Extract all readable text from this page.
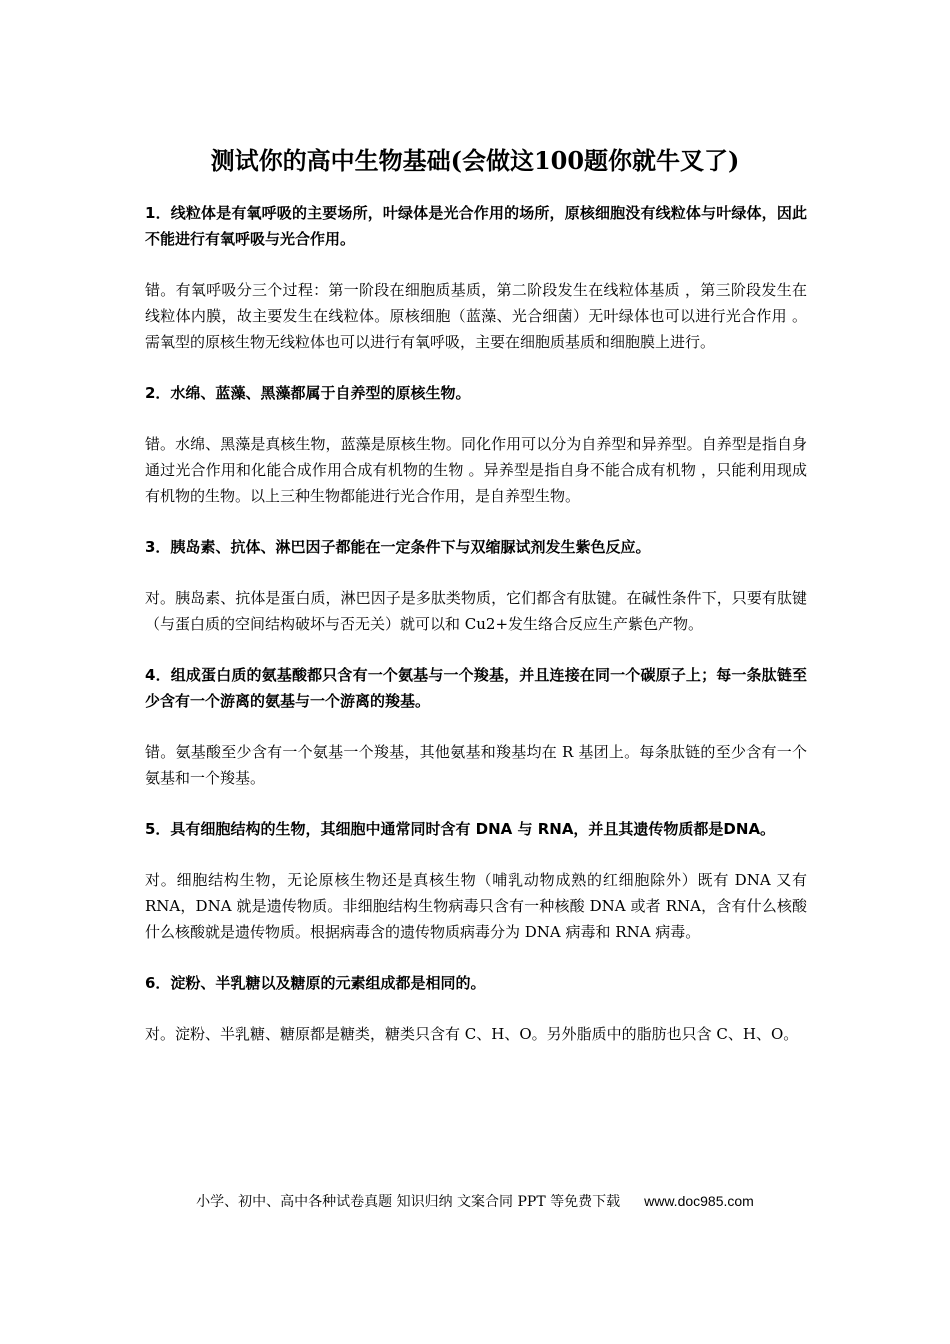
测试你的高中生物基础(会做这100题你就牛叉了)

1．线粒体是有氧呼吸的主要场所，叶绿体是光合作用的场所，原核细胞没有线粒体与叶绿体，因此不能进行有氧呼吸与光合作用。

错。有氧呼吸分三个过程：第一阶段在细胞质基质，第二阶段发生在线粒体基质 ，第三阶段发生在线粒体内膜，故主要发生在线粒体。原核细胞（蓝藻、光合细菌）无叶绿体也可以进行光合作用 。需氧型的原核生物无线粒体也可以进行有氧呼吸，主要在细胞质基质和细胞膜上进行。

2．水绵、蓝藻、黑藻都属于自养型的原核生物。

错。水绵、黑藻是真核生物，蓝藻是原核生物。同化作用可以分为自养型和异养型。自养型是指自身通过光合作用和化能合成作用合成有机物的生物 。异养型是指自身不能合成有机物 ，只能利用现成有机物的生物。以上三种生物都能进行光合作用，是自养型生物。

3．胰岛素、抗体、淋巴因子都能在一定条件下与双缩脲试剂发生紫色反应。

对。胰岛素、抗体是蛋白质，淋巴因子是多肽类物质，它们都含有肽键。在碱性条件下，只要有肽键（与蛋白质的空间结构破坏与否无关）就可以和 Cu2+发生络合反应生产紫色产物。

4．组成蛋白质的氨基酸都只含有一个氨基与一个羧基，并且连接在同一个碳原子上；每一条肽链至少含有一个游离的氨基与一个游离的羧基。

错。氨基酸至少含有一个氨基一个羧基，其他氨基和羧基均在 R 基团上。每条肽链的至少含有一个氨基和一个羧基。

5．具有细胞结构的生物，其细胞中通常同时含有 DNA 与 RNA，并且其遗传物质都是DNA。

对。细胞结构生物，无论原核生物还是真核生物（哺乳动物成熟的红细胞除外）既有 DNA 又有 RNA，DNA 就是遗传物质。非细胞结构生物病毒只含有一种核酸 DNA 或者 RNA，含有什么核酸什么核酸就是遗传物质。根据病毒含的遗传物质病毒分为 DNA 病毒和 RNA 病毒。

6．淀粉、半乳糖以及糖原的元素组成都是相同的。

对。淀粉、半乳糖、糖原都是糖类，糖类只含有 C、H、O。另外脂质中的脂肪也只含 C、H、O。

小学、初中、高中各种试卷真题 知识归纳 文案合同 PPT 等免费下载 www.doc985.com
